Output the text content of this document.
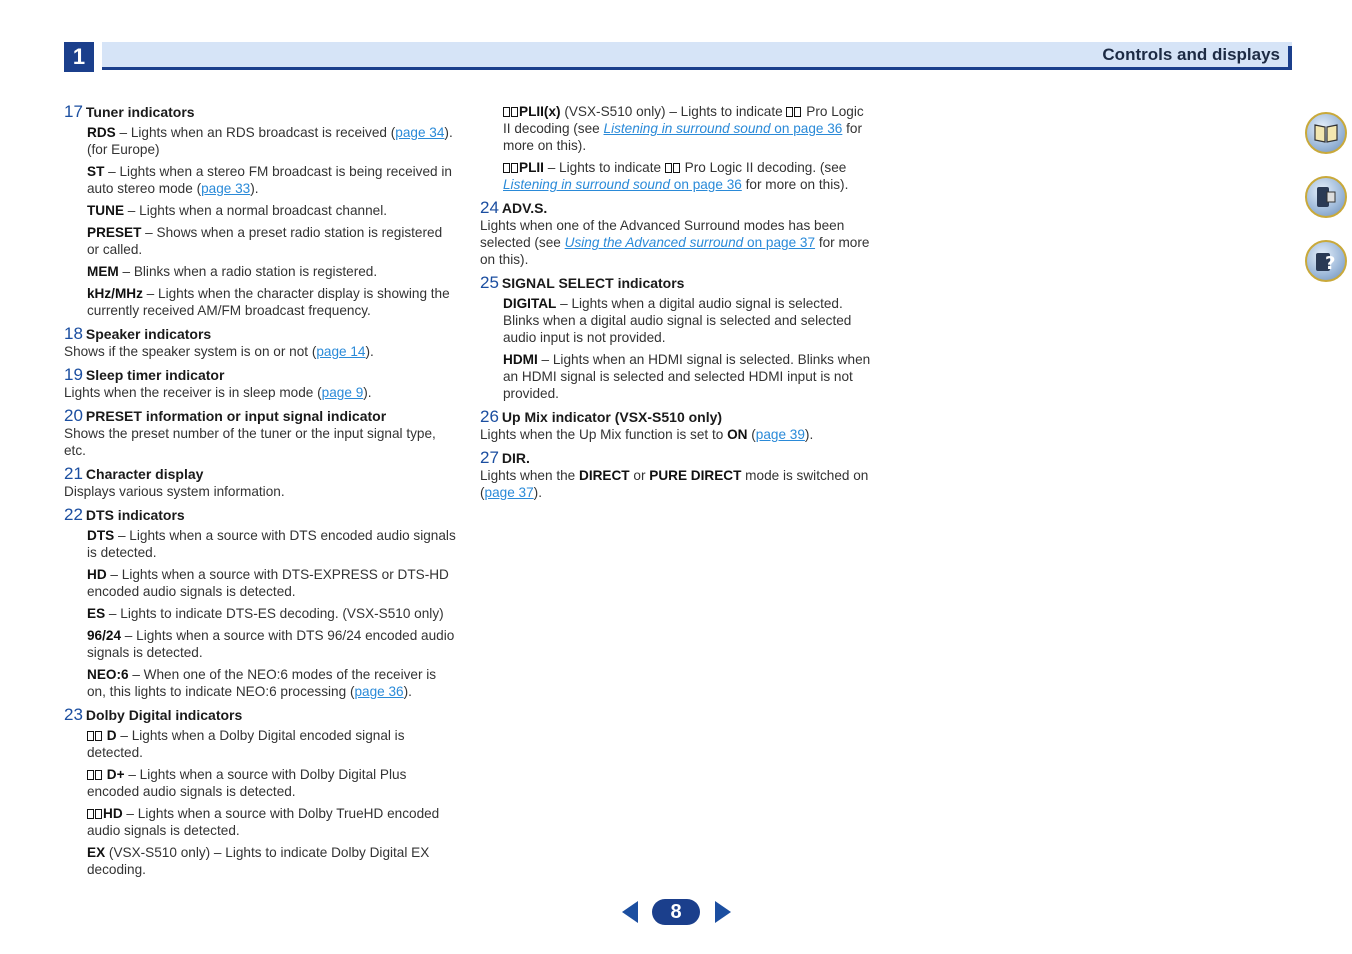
1	Controls and displays
17 Tuner indicators
RDS – Lights when an RDS broadcast is received (page 34). (for Europe)
ST – Lights when a stereo FM broadcast is being received in auto stereo mode (page 33).
TUNE – Lights when a normal broadcast channel.
PRESET – Shows when a preset radio station is registered or called.
MEM – Blinks when a radio station is registered.
kHz/MHz – Lights when the character display is showing the currently received AM/FM broadcast frequency.
18 Speaker indicators
Shows if the speaker system is on or not (page 14).
19 Sleep timer indicator
Lights when the receiver is in sleep mode (page 9).
20 PRESET information or input signal indicator
Shows the preset number of the tuner or the input signal type, etc.
21 Character display
Displays various system information.
22 DTS indicators
DTS – Lights when a source with DTS encoded audio signals is detected.
HD – Lights when a source with DTS-EXPRESS or DTS-HD encoded audio signals is detected.
ES – Lights to indicate DTS-ES decoding. (VSX-S510 only)
96/24 – Lights when a source with DTS 96/24 encoded audio signals is detected.
NEO:6 – When one of the NEO:6 modes of the receiver is on, this lights to indicate NEO:6 processing (page 36).
23 Dolby Digital indicators
D – Lights when a Dolby Digital encoded signal is detected.
D+ – Lights when a source with Dolby Digital Plus encoded audio signals is detected.
HD – Lights when a source with Dolby TrueHD encoded audio signals is detected.
EX (VSX-S510 only) – Lights to indicate Dolby Digital EX decoding.
PLII(x) (VSX-S510 only) – Lights to indicate  Pro Logic II decoding (see Listening in surround sound on page 36 for more on this).
PLII – Lights to indicate  Pro Logic II decoding. (see Listening in surround sound on page 36 for more on this).
24 ADV.S.
Lights when one of the Advanced Surround modes has been selected (see Using the Advanced surround on page 37 for more on this).
25 SIGNAL SELECT indicators
DIGITAL – Lights when a digital audio signal is selected. Blinks when a digital audio signal is selected and selected audio input is not provided.
HDMI – Lights when an HDMI signal is selected. Blinks when an HDMI signal is selected and selected HDMI input is not provided.
26 Up Mix indicator (VSX-S510 only)
Lights when the Up Mix function is set to ON (page 39).
27 DIR.
Lights when the DIRECT or PURE DIRECT mode is switched on (page 37).
?
8
